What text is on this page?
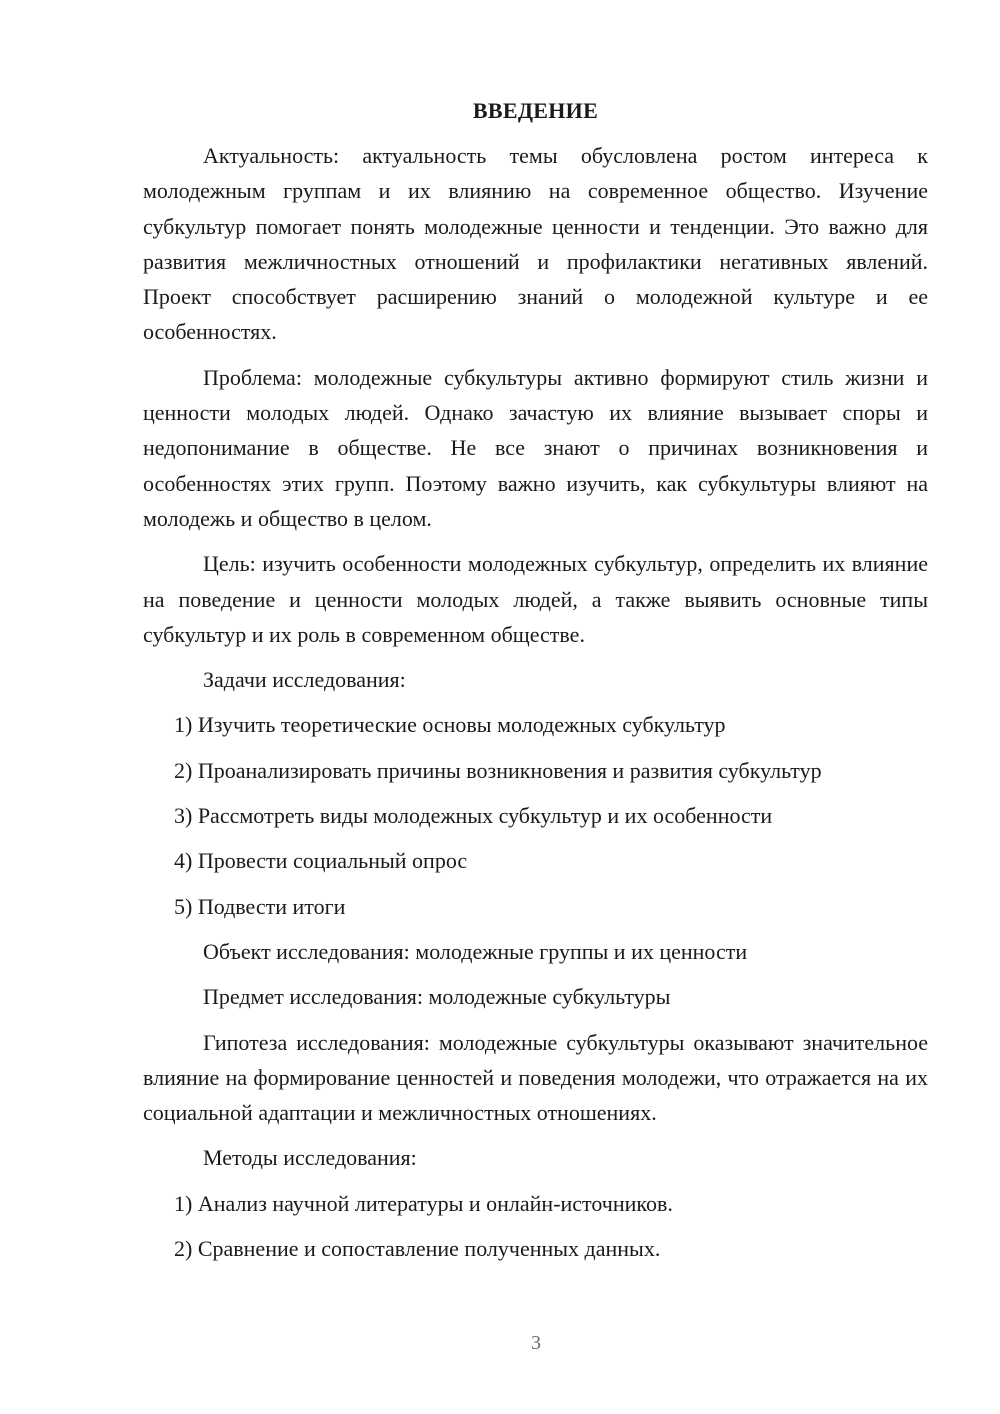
ВВЕДЕНИЕ
Актуальность: актуальность темы обусловлена ростом интереса к молодежным группам и их влиянию на современное общество. Изучение субкультур помогает понять молодежные ценности и тенденции. Это важно для развития межличностных отношений и профилактики негативных явлений. Проект способствует расширению знаний о молодежной культуре и ее особенностях.
Проблема: молодежные субкультуры активно формируют стиль жизни и ценности молодых людей. Однако зачастую их влияние вызывает споры и недопонимание в обществе. Не все знают о причинах возникновения и особенностях этих групп. Поэтому важно изучить, как субкультуры влияют на молодежь и общество в целом.
Цель: изучить особенности молодежных субкультур, определить их влияние на поведение и ценности молодых людей, а также выявить основные типы субкультур и их роль в современном обществе.
Задачи исследования:
1) Изучить теоретические основы молодежных субкультур
2) Проанализировать причины возникновения и развития субкультур
3) Рассмотреть виды молодежных субкультур и их особенности
4) Провести социальный опрос
5) Подвести итоги
Объект исследования: молодежные группы и их ценности
Предмет исследования: молодежные субкультуры
Гипотеза исследования: молодежные субкультуры оказывают значительное влияние на формирование ценностей и поведения молодежи, что отражается на их социальной адаптации и межличностных отношениях.
Методы исследования:
1) Анализ научной литературы и онлайн-источников.
2) Сравнение и сопоставление полученных данных.
3
